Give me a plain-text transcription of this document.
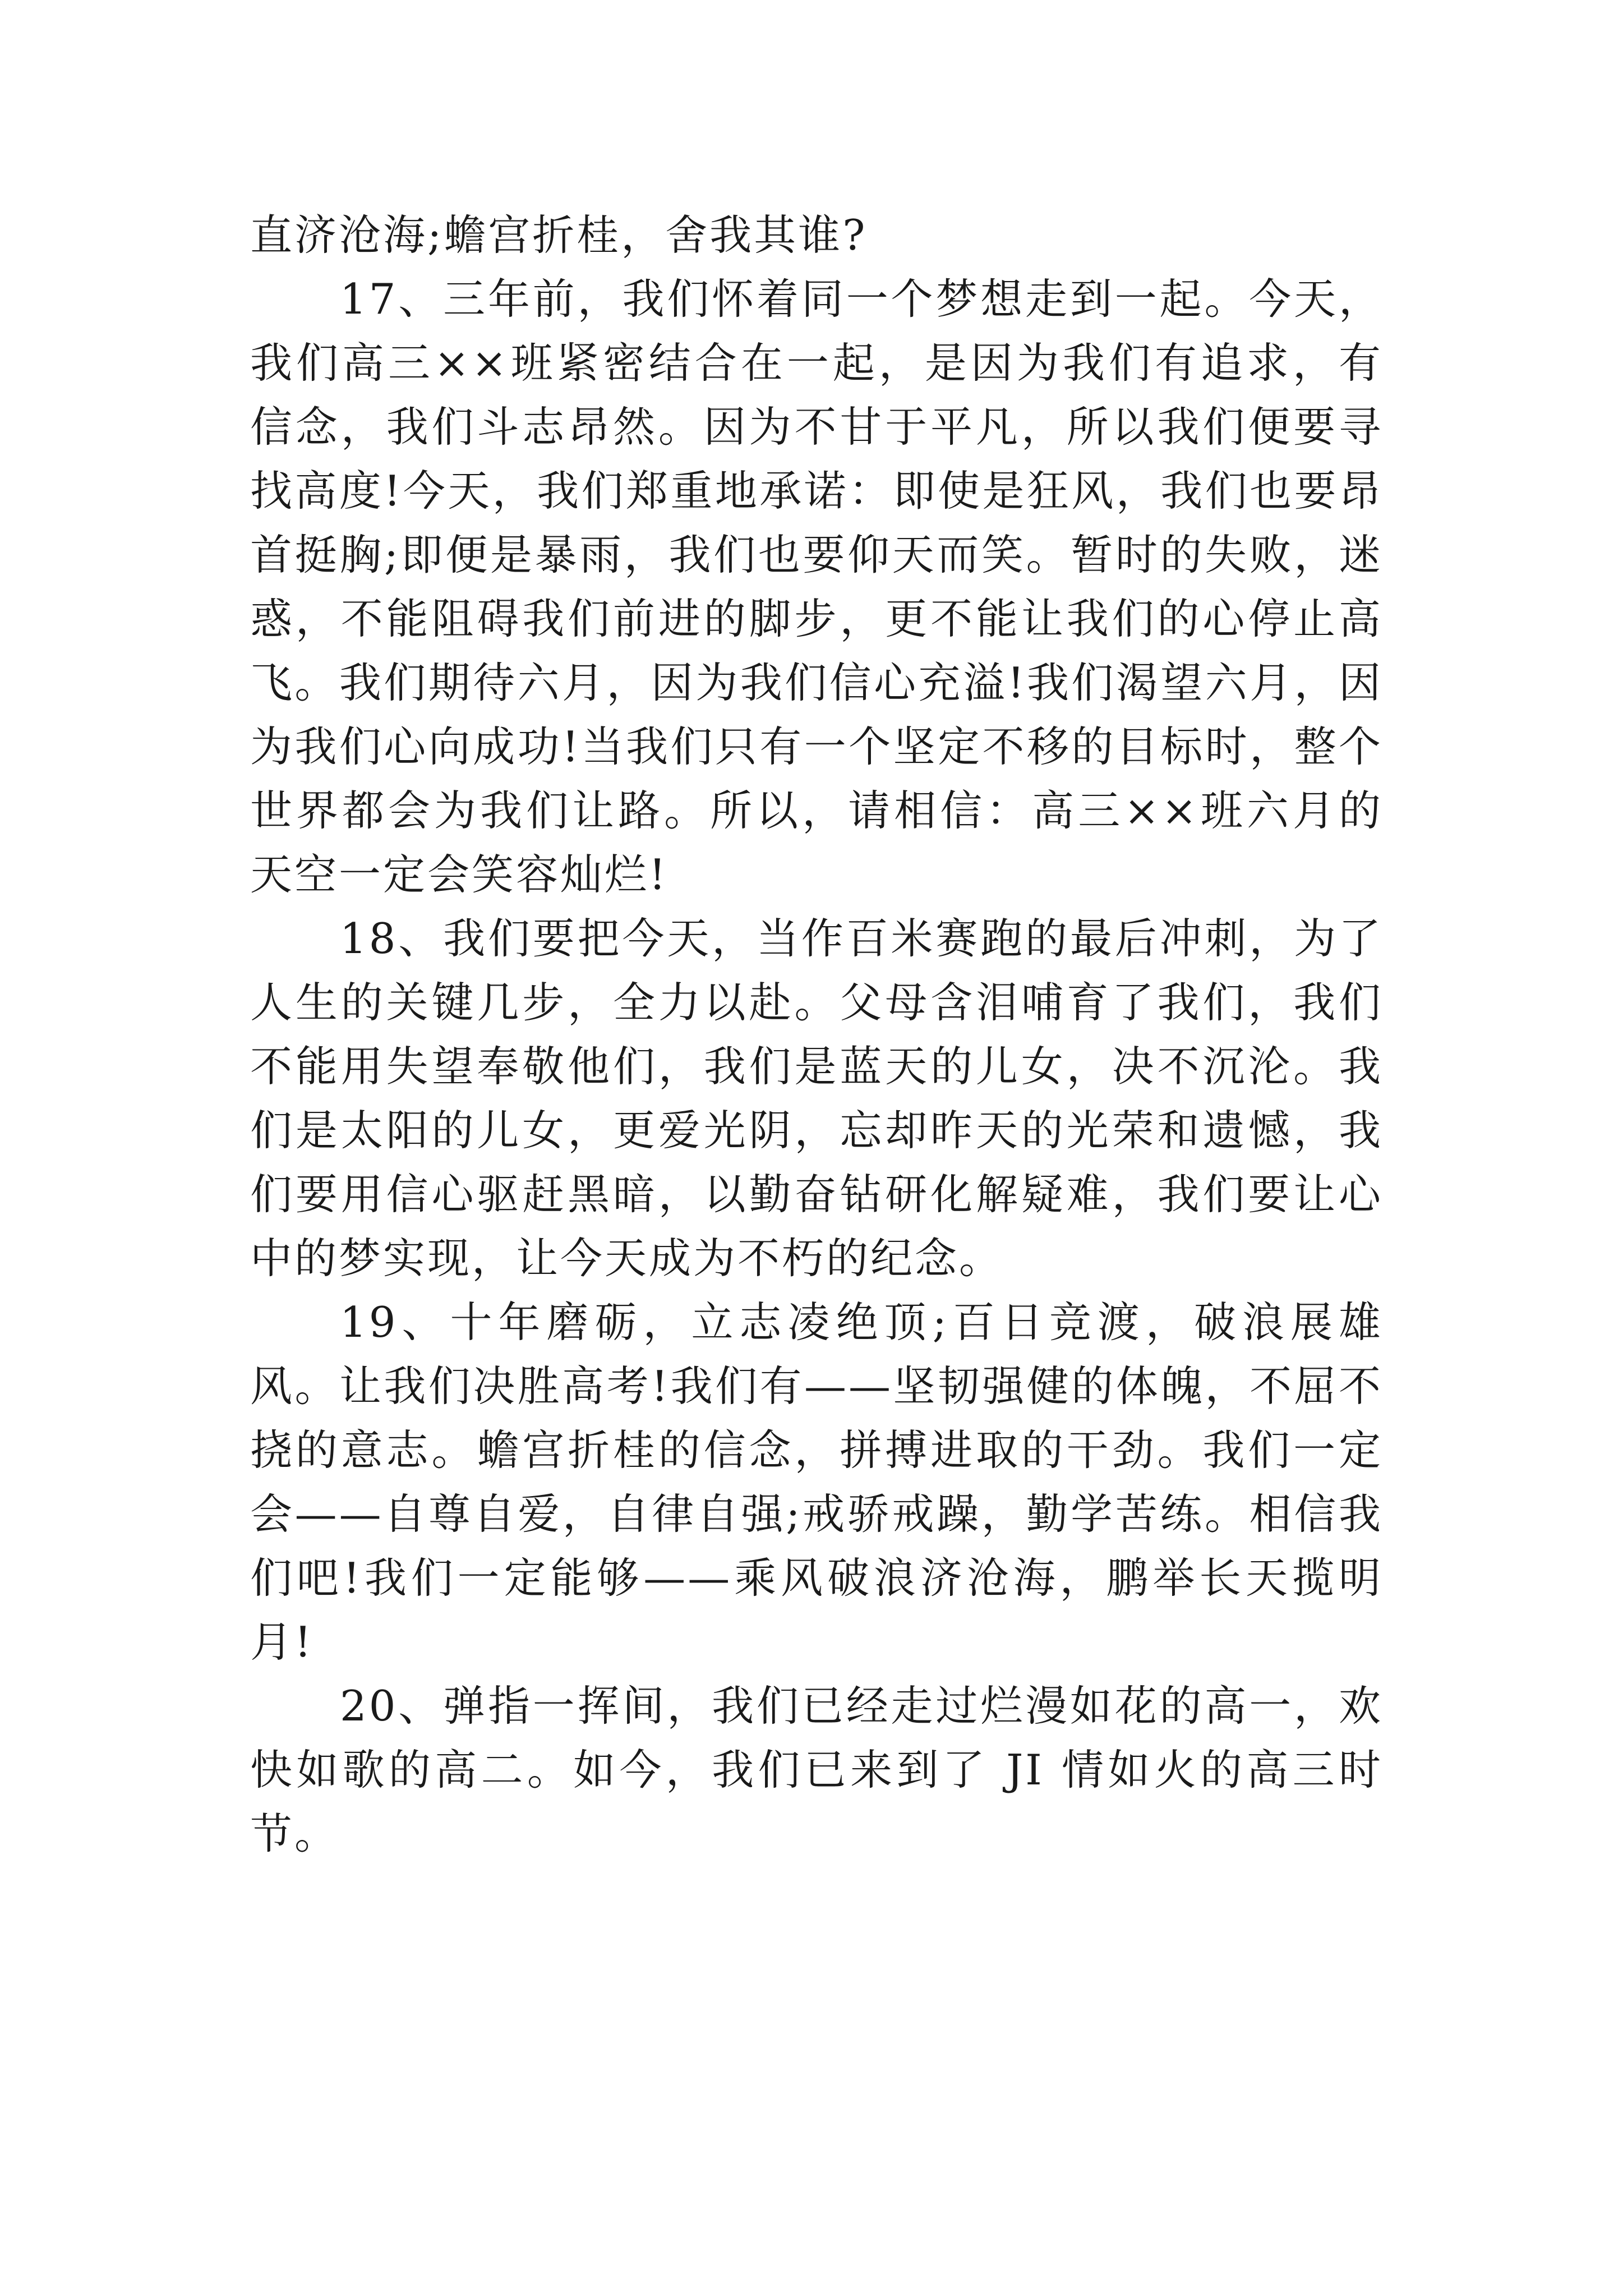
直济沧海;蟾宫折桂，舍我其谁?

17、三年前，我们怀着同一个梦想走到一起。今天，我们高三××班紧密结合在一起，是因为我们有追求，有信念，我们斗志昂然。因为不甘于平凡，所以我们便要寻找高度!今天，我们郑重地承诺：即使是狂风，我们也要昂首挺胸;即便是暴雨，我们也要仰天而笑。暂时的失败，迷惑，不能阻碍我们前进的脚步，更不能让我们的心停止高飞。我们期待六月，因为我们信心充溢!我们渴望六月，因为我们心向成功!当我们只有一个坚定不移的目标时，整个世界都会为我们让路。所以，请相信：高三××班六月的天空一定会笑容灿烂!

18、我们要把今天，当作百米赛跑的最后冲刺，为了人生的关键几步，全力以赴。父母含泪哺育了我们，我们不能用失望奉敬他们，我们是蓝天的儿女，决不沉沦。我们是太阳的儿女，更爱光阴，忘却昨天的光荣和遗憾，我们要用信心驱赶黑暗，以勤奋钻研化解疑难，我们要让心中的梦实现，让今天成为不朽的纪念。

19、十年磨砺，立志凌绝顶;百日竞渡，破浪展雄风。让我们决胜高考!我们有——坚韧强健的体魄，不屈不挠的意志。蟾宫折桂的信念，拼搏进取的干劲。我们一定会——自尊自爱，自律自强;戒骄戒躁，勤学苦练。相信我们吧!我们一定能够——乘风破浪济沧海，鹏举长天揽明月!

20、弹指一挥间，我们已经走过烂漫如花的高一，欢快如歌的高二。如今，我们已来到了 JI 情如火的高三时节。
